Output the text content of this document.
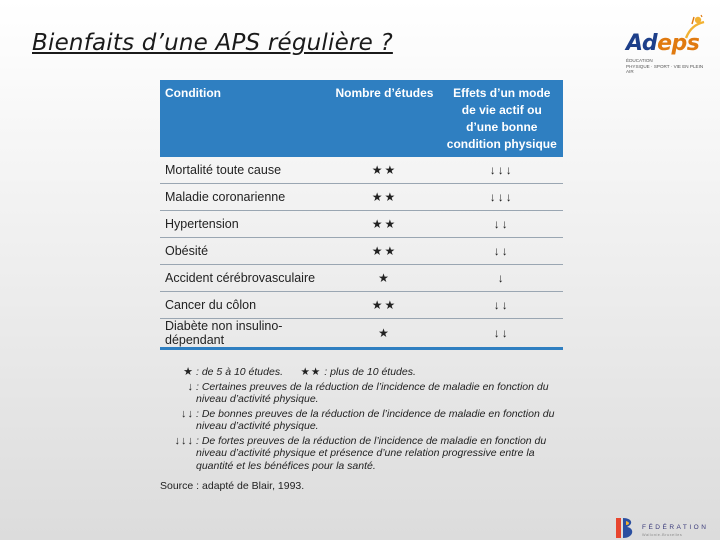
Bienfaits d’une APS régulière ?	Adeps
ÉDUCATION
PHYSIQUE · SPORT · VIE EN PLEIN AIR
Condition	Nombre d’études	Effets d’un mode de vie actif ou d’une bonne condition physique
Mortalité toute cause	★★	↓↓↓
Maladie coronarienne	★★	↓↓↓
Hypertension	★★	↓↓
Obésité	★★	↓↓
Accident cérébrovasculaire	★	↓
Cancer du côlon	★★	↓↓
Diabète non insulino-dépendant	★	↓↓
★ : de 5 à 10 études. ★★ : plus de 10 études.
↓ : Certaines preuves de la réduction de l’incidence de maladie en fonction du niveau d’activité physique.
↓↓ : De bonnes preuves de la réduction de l’incidence de maladie en fonction du niveau d’activité physique.
↓↓↓ : De fortes preuves de la réduction de l’incidence de maladie en fonction du niveau d’activité physique et présence d’une relation progressive entre la quantité et les bénéfices pour la santé.
Source : adapté de Blair, 1993.
FÉDÉRATION
Wallonie-Bruxelles
